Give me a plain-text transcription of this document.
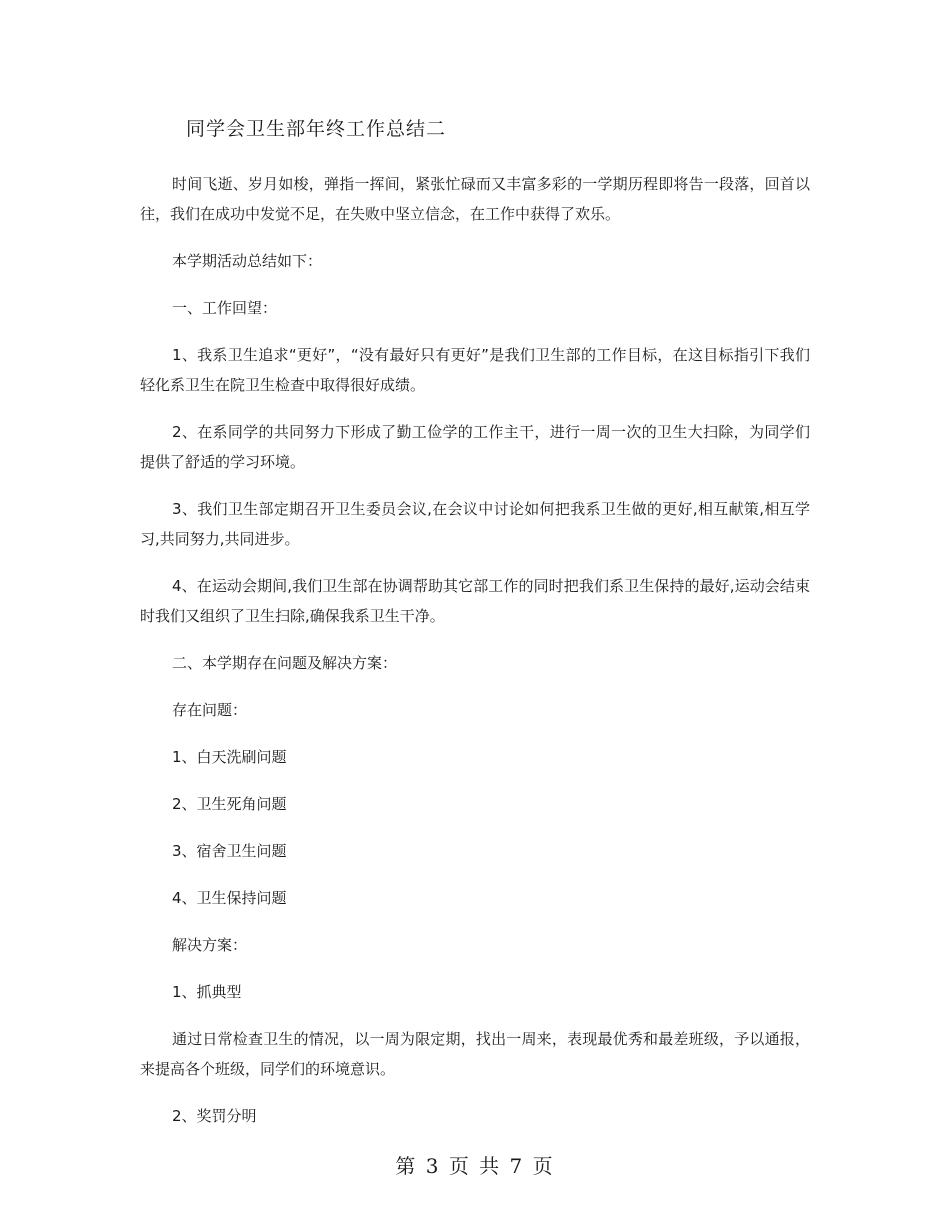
同学会卫生部年终工作总结二

时间飞逝、岁月如梭，弹指一挥间，紧张忙碌而又丰富多彩的一学期历程即将告一段落，回首以往，我们在成功中发觉不足，在失败中坚立信念，在工作中获得了欢乐。

本学期活动总结如下：

一、工作回望：

1、我系卫生追求“更好”，“没有最好只有更好”是我们卫生部的工作目标，在这目标指引下我们轻化系卫生在院卫生检查中取得很好成绩。

2、在系同学的共同努力下形成了勤工俭学的工作主干，进行一周一次的卫生大扫除，为同学们提供了舒适的学习环境。

3、我们卫生部定期召开卫生委员会议,在会议中讨论如何把我系卫生做的更好,相互献策,相互学习,共同努力,共同进步。

4、在运动会期间,我们卫生部在协调帮助其它部工作的同时把我们系卫生保持的最好,运动会结束时我们又组织了卫生扫除,确保我系卫生干净。

二、本学期存在问题及解决方案：

存在问题：

1、白天洗刷问题

2、卫生死角问题

3、宿舍卫生问题

4、卫生保持问题

解决方案：

1、抓典型

通过日常检查卫生的情况，以一周为限定期，找出一周来，表现最优秀和最差班级，予以通报，来提高各个班级，同学们的环境意识。

2、奖罚分明

第 3 页 共 7 页
